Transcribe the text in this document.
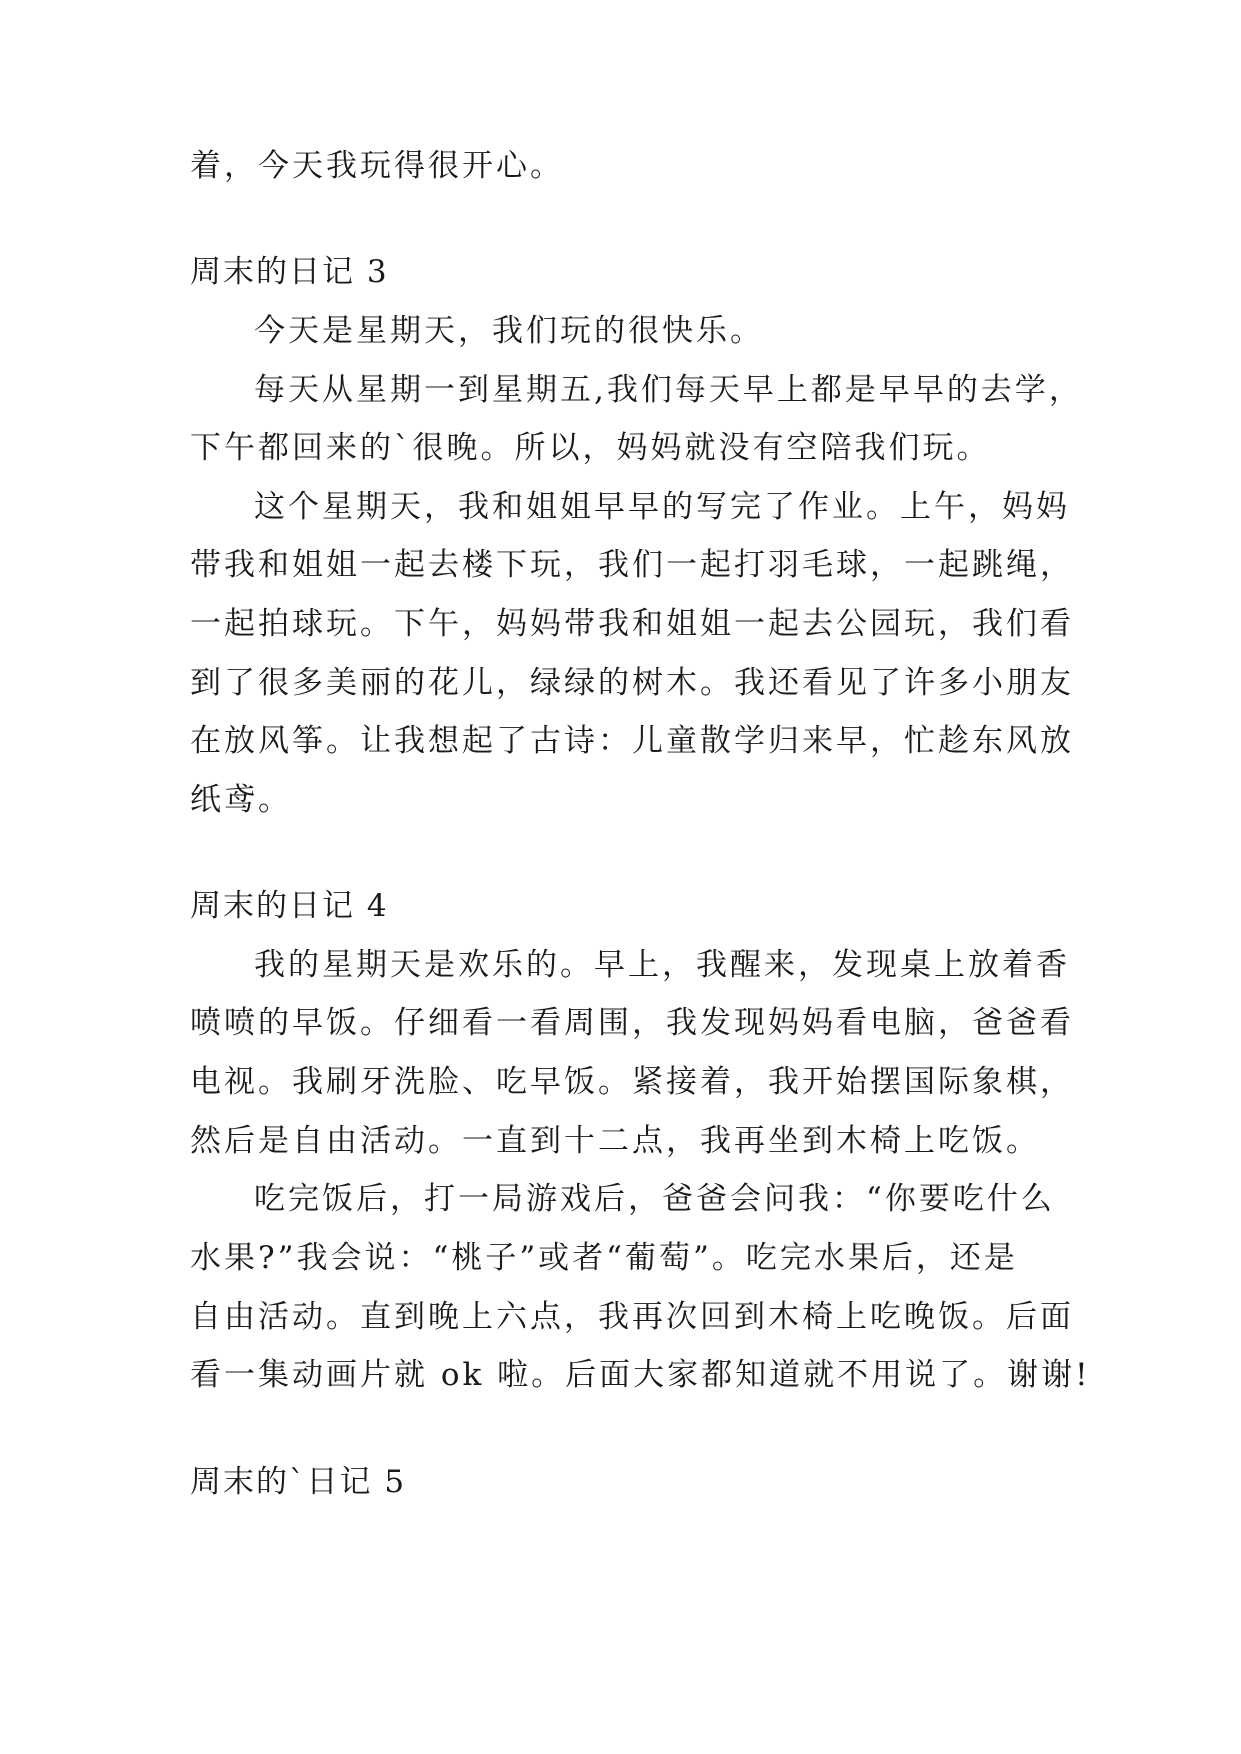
着，今天我玩得很开心。

周末的日记 3

今天是星期天，我们玩的很快乐。

每天从星期一到星期五,我们每天早上都是早早的去学，

下午都回来的`很晚。所以，妈妈就没有空陪我们玩。

这个星期天，我和姐姐早早的写完了作业。上午，妈妈

带我和姐姐一起去楼下玩，我们一起打羽毛球，一起跳绳，

一起拍球玩。下午，妈妈带我和姐姐一起去公园玩，我们看

到了很多美丽的花儿，绿绿的树木。我还看见了许多小朋友

在放风筝。让我想起了古诗：儿童散学归来早，忙趁东风放

纸鸢。

周末的日记 4

我的星期天是欢乐的。早上，我醒来，发现桌上放着香

喷喷的早饭。仔细看一看周围，我发现妈妈看电脑，爸爸看

电视。我刷牙洗脸、吃早饭。紧接着，我开始摆国际象棋，

然后是自由活动。一直到十二点，我再坐到木椅上吃饭。

吃完饭后，打一局游戏后，爸爸会问我：“你要吃什么

水果?”我会说：“桃子”或者“葡萄”。吃完水果后，还是

自由活动。直到晚上六点，我再次回到木椅上吃晚饭。后面

看一集动画片就 ok 啦。后面大家都知道就不用说了。谢谢!

周末的`日记 5
